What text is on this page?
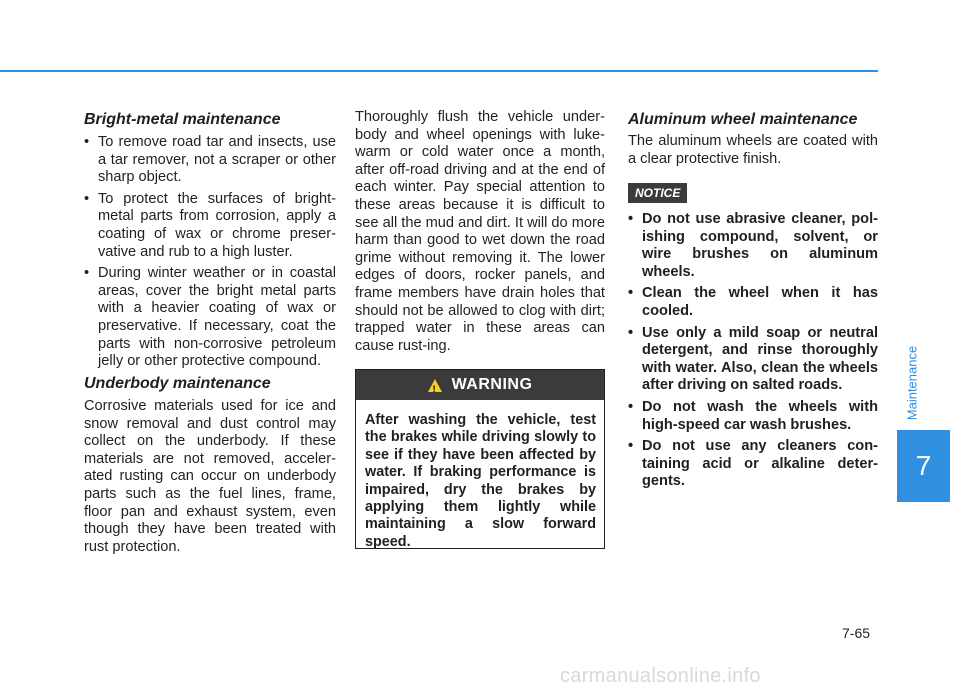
Bright-metal maintenance
• To remove road tar and insects, use a tar remover, not a scraper or other sharp object.
• To protect the surfaces of bright-metal parts from corrosion, apply a coating of wax or chrome preser-vative and rub to a high luster.
• During winter weather or in coastal areas, cover the bright metal parts with a heavier coating of wax or preservative. If necessary, coat the parts with non-corrosive petroleum jelly or other protective compound.
Underbody maintenance

Corrosive materials used for ice and snow removal and dust control may collect on the underbody. If these materials are not removed, acceler-ated rusting can occur on underbody parts such as the fuel lines, frame, floor pan and exhaust system, even though they have been treated with rust protection.

Thoroughly flush the vehicle under-body and wheel openings with luke-warm or cold water once a month, after off-road driving and at the end of each winter. Pay special attention to these areas because it is difficult to see all the mud and dirt. It will do more harm than good to wet down the road grime without removing it. The lower edges of doors, rocker panels, and frame members have drain holes that should not be allowed to clog with dirt; trapped water in these areas can cause rust-ing.

! WARNING
After washing the vehicle, test the brakes while driving slowly to see if they have been affected by water. If braking performance is impaired, dry the brakes by applying them lightly while maintaining a slow forward speed.
Aluminum wheel maintenance

The aluminum wheels are coated with a clear protective finish.

NOTICE
• Do not use abrasive cleaner, pol-ishing compound, solvent, or wire brushes on aluminum wheels.
• Clean the wheel when it has cooled.
• Use only a mild soap or neutral detergent, and rinse thoroughly with water. Also, clean the wheels after driving on salted roads.
• Do not wash the wheels with high-speed car wash brushes.
• Do not use any cleaners con-taining acid or alkaline deter-gents.
Maintenance
7
7-65
carmanualsonline.info
